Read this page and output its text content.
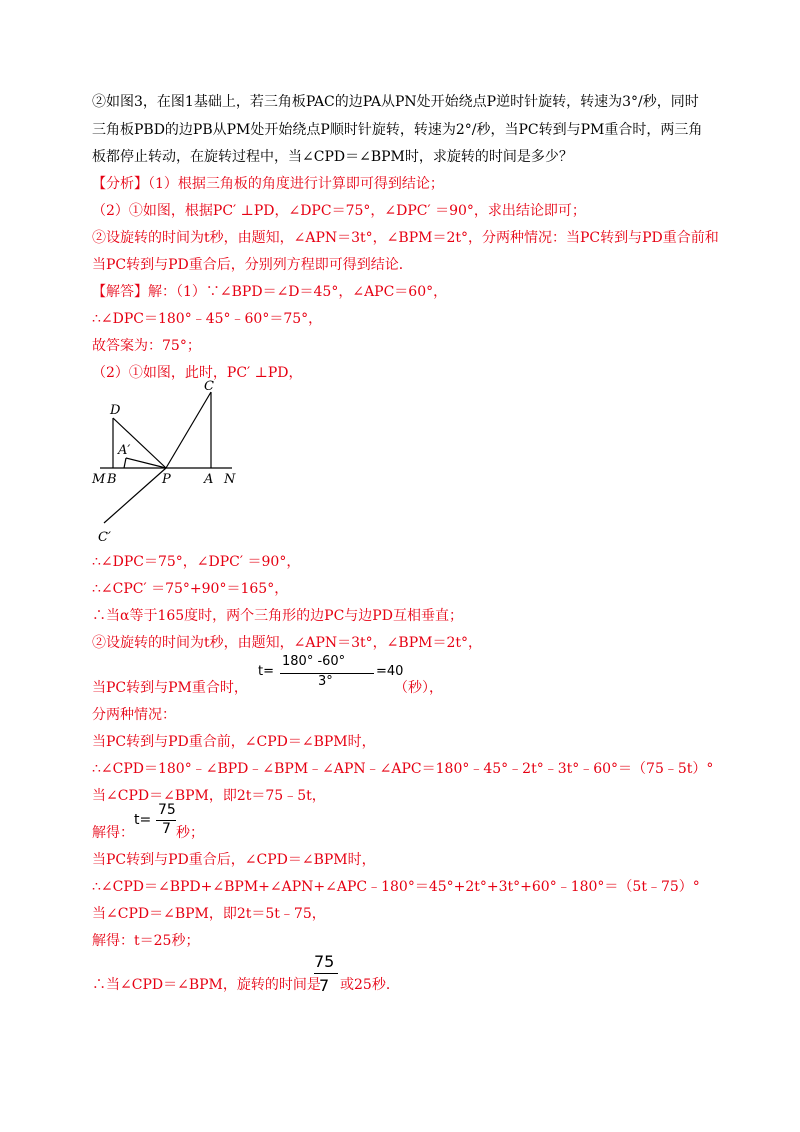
②如图3，在图1基础上，若三角板PAC的边PA从PN处开始绕点P逆时针旋转，转速为3°/秒，同时
三角板PBD的边PB从PM处开始绕点P顺时针旋转，转速为2°/秒，当PC转到与PM重合时，两三角
板都停止转动，在旋转过程中，当∠CPD＝∠BPM时，求旋转的时间是多少？
【分析】（1）根据三角板的角度进行计算即可得到结论；
（2）①如图，根据PC′ ⊥PD，∠DPC＝75°，∠DPC′ ＝90°，求出结论即可；
②设旋转的时间为t秒，由题知，∠APN＝3t°，∠BPM＝2t°，分两种情况：当PC转到与PD重合前和
当PC转到与PD重合后，分别列方程即可得到结论．
【解答】解：（1）∵∠BPD＝∠D＝45°，∠APC＝60°，
∴∠DPC＝180°﹣45°﹣60°＝75°，
故答案为：75°；
（2）①如图，此时，PC′ ⊥PD，
C
D
A′
M B	P	A N
C′
∴∠DPC＝75°，∠DPC′ ＝90°，
∴∠CPC′ ＝75°+90°＝165°，
∴当α等于165度时，两个三角形的边PC与边PD互相垂直；
②设旋转的时间为t秒，由题知，∠APN＝3t°，∠BPM＝2t°，
当PC转到与PM重合时，
t=
180° -60°
3°
=40
（秒），
分两种情况：
当PC转到与PD重合前，∠CPD＝∠BPM时，
∴∠CPD＝180°﹣∠BPD﹣∠BPM﹣∠APN﹣∠APC＝180°﹣45°﹣2t°﹣3t°﹣60°＝（75﹣5t）°
当∠CPD＝∠BPM，即2t＝75﹣5t，
解得：
t=
75
7 秒；
当PC转到与PD重合后，∠CPD＝∠BPM时，
∴∠CPD＝∠BPD+∠BPM+∠APN+∠APC﹣180°＝45°+2t°+3t°+60°﹣180°＝（5t﹣75）°
当∠CPD＝∠BPM，即2t＝5t﹣75，
解得：t＝25秒；
∴当∠CPD＝∠BPM，旋转的时间是
75
7 或25秒．
